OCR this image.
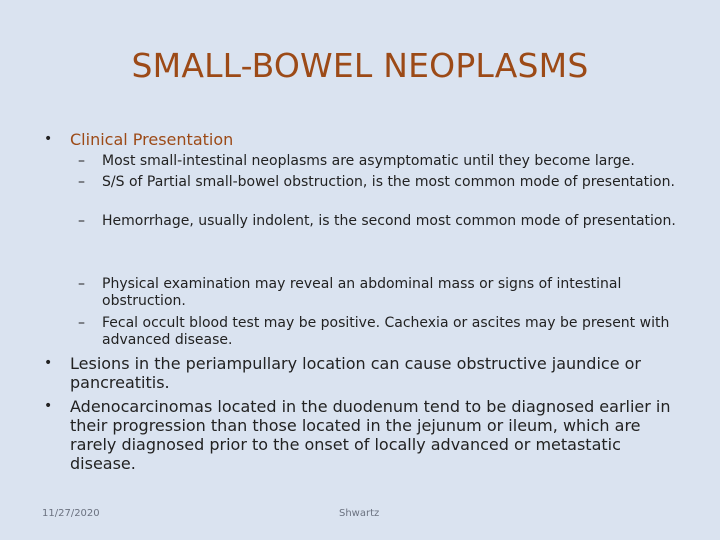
SMALL-BOWEL NEOPLASMS
• Clinical Presentation
– Most small-intestinal neoplasms are asymptomatic until they become large.
– S/S of Partial small-bowel obstruction, is the most common mode of presentation.
– Hemorrhage, usually indolent, is the second most common mode of presentation.
– Physical examination may reveal an abdominal mass or signs of intestinal obstruction.
– Fecal occult blood test may be positive. Cachexia or ascites may be present with advanced disease.
• Lesions in the periampullary location can cause obstructive jaundice or pancreatitis.
• Adenocarcinomas located in the duodenum tend to be diagnosed earlier in their progression than those located in the jejunum or ileum, which are rarely diagnosed prior to the onset of locally advanced or metastatic disease.
11/27/2020	Shwartz
